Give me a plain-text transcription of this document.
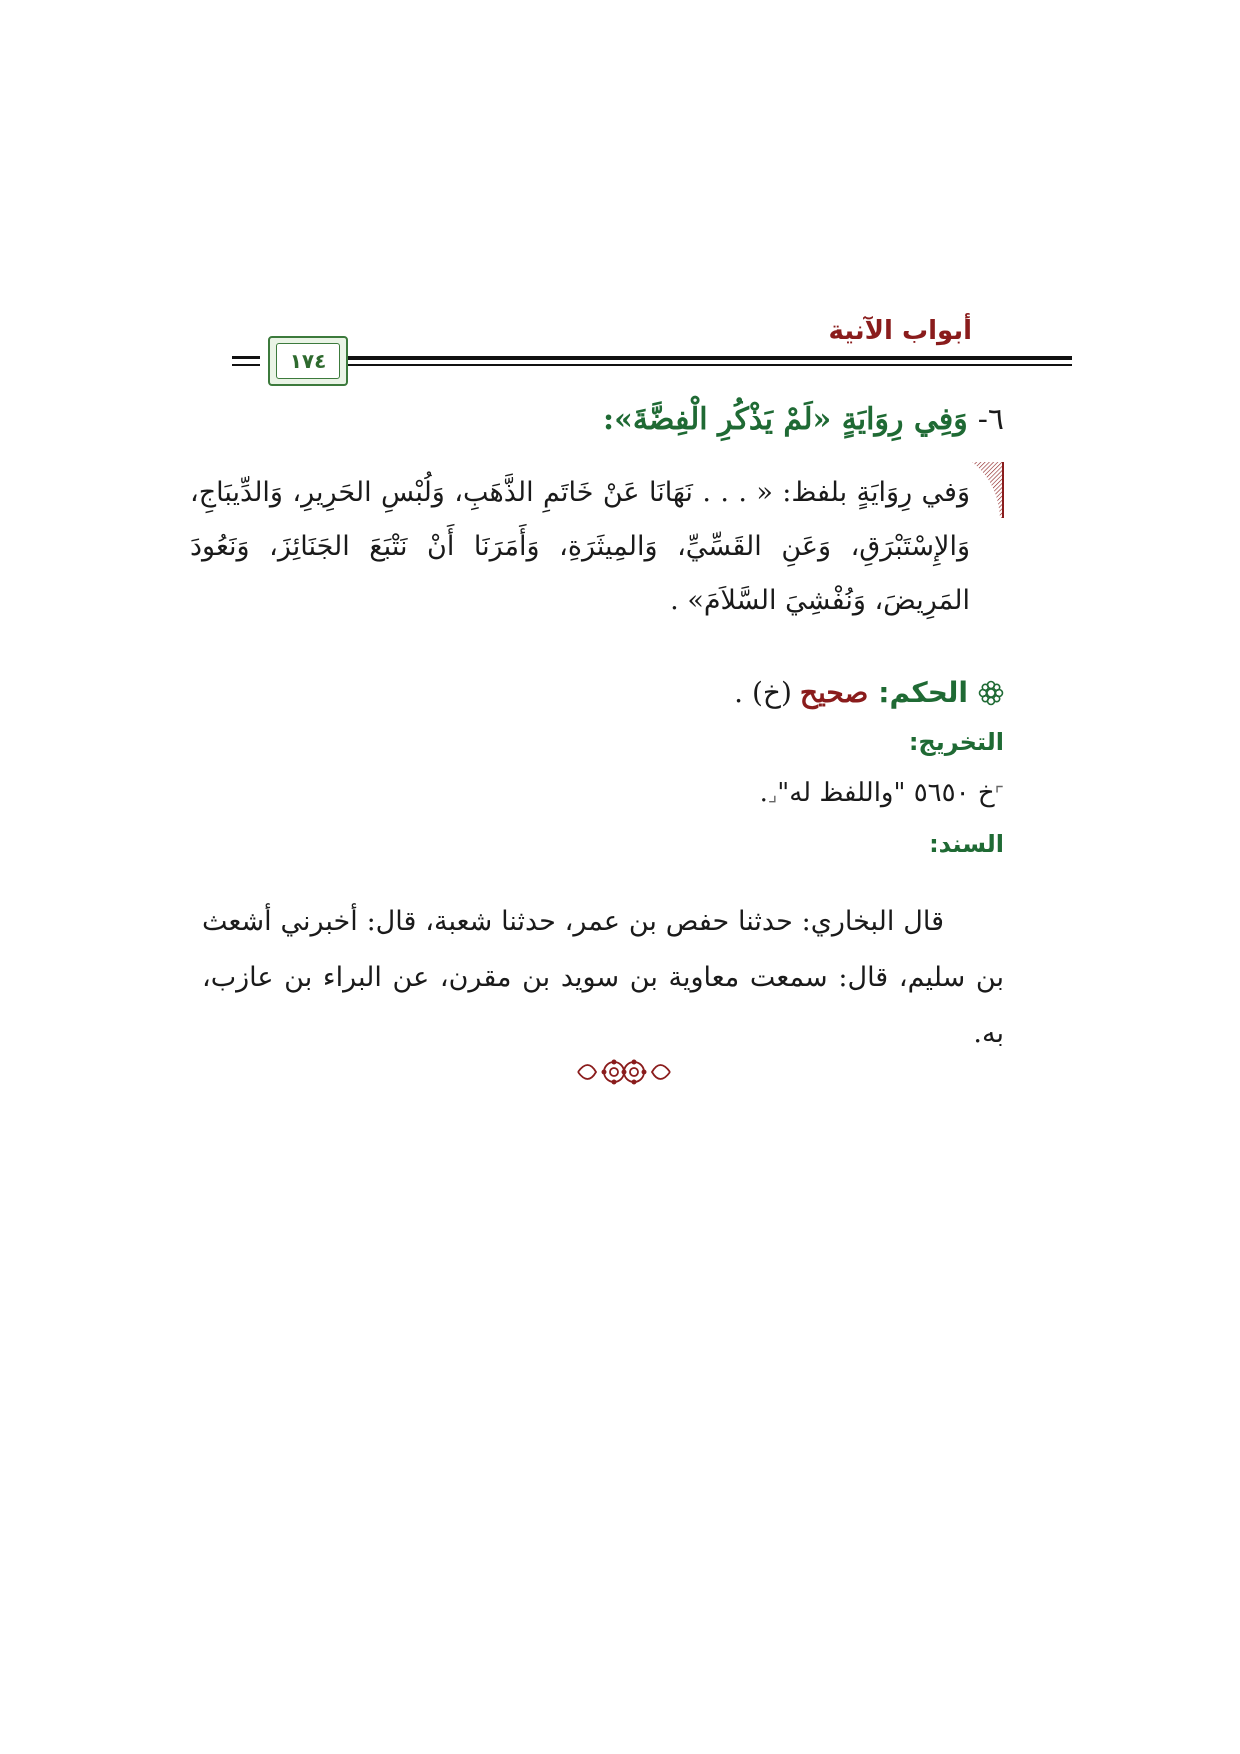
أبواب الآنية
١٧٤
٦-وَفِي رِوَايَةٍ «لَمْ يَذْكُرِ الْفِضَّةَ»:
وَفي رِوَايَةٍ بلفظ: « . . . نَهَانَا عَنْ خَاتَمِ الذَّهَبِ، وَلُبْسِ الحَرِيرِ، وَالدِّيبَاجِ، وَالإِسْتَبْرَقِ، وَعَنِ القَسِّيِّ، وَالمِيثَرَةِ، وَأَمَرَنَا أَنْ نَتْبَعَ الجَنَائِزَ، وَنَعُودَ المَرِيضَ، وَنُفْشِيَ السَّلاَمَ» .
الحكم:صحيح(خ) .
التخريج:
⌜خ ٥٦٥٠ "واللفظ له"⌟.
السند:
قال البخاري: حدثنا حفص بن عمر، حدثنا شعبة، قال: أخبرني أشعث بن سليم، قال: سمعت معاوية بن سويد بن مقرن، عن البراء بن عازب، به.
